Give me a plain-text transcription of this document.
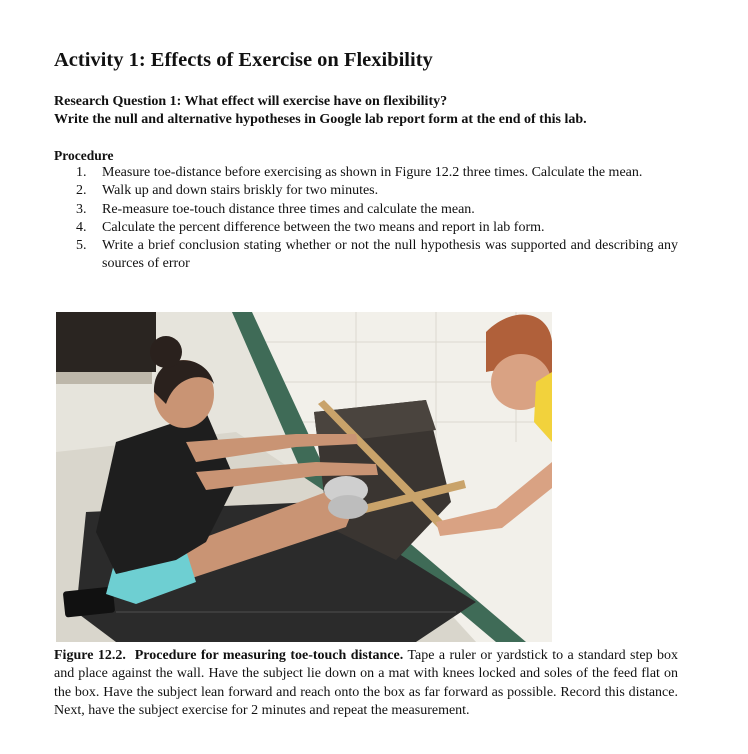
Activity 1: Effects of Exercise on Flexibility
Research Question 1: What effect will exercise have on flexibility?
Write the null and alternative hypotheses in Google lab report form at the end of this lab.
Procedure
1. Measure toe-distance before exercising as shown in Figure 12.2 three times. Calculate the mean.
2. Walk up and down stairs briskly for two minutes.
3. Re-measure toe-touch distance three times and calculate the mean.
4. Calculate the percent difference between the two means and report in lab form.
5. Write a brief conclusion stating whether or not the null hypothesis was supported and describing any sources of error

Figure 12.2. Procedure for measuring toe-touch distance. Tape a ruler or yardstick to a standard step box and place against the wall. Have the subject lie down on a mat with knees locked and soles of the feed flat on the box. Have the subject lean forward and reach onto the box as far forward as possible. Record this distance. Next, have the subject exercise for 2 minutes and repeat the measurement.
